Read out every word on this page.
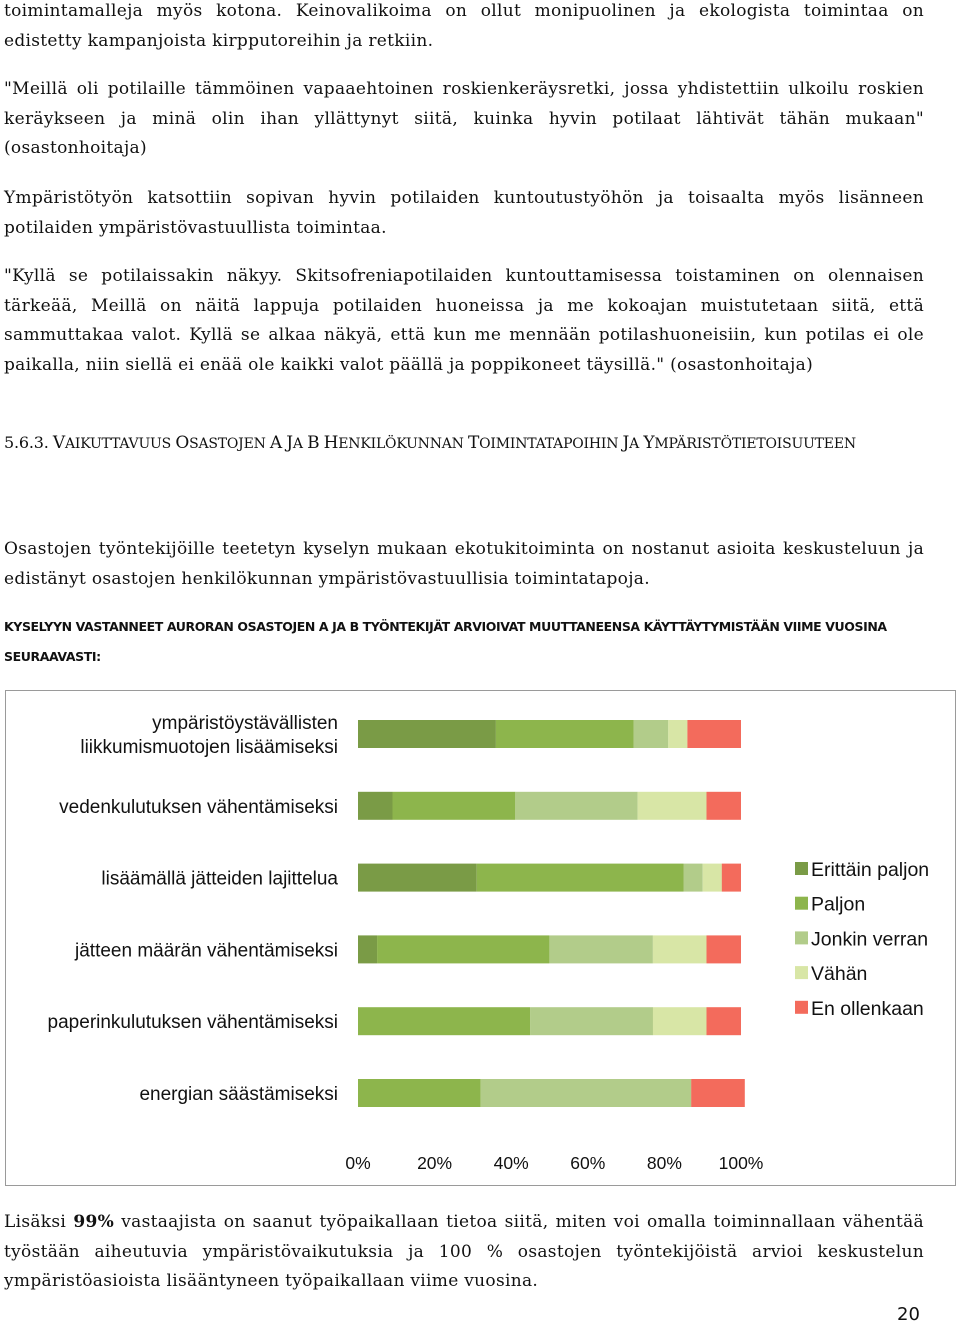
toimintamalleja myös kotona. Keinovalikoima on ollut monipuolinen ja ekologista toimintaa on edistetty kampanjoista kirpputoreihin ja retkiin.

"Meillä oli potilaille tämmöinen vapaaehtoinen roskienkeräysretki, jossa yhdistettiin ulkoilu roskien keräykseen ja minä olin ihan yllättynyt siitä, kuinka hyvin potilaat lähtivät tähän mukaan" (osastonhoitaja)

Ympäristötyön katsottiin sopivan hyvin potilaiden kuntoutustyöhön ja toisaalta myös lisänneen potilaiden ympäristövastuullista toimintaa.

"Kyllä se potilaissakin näkyy. Skitsofreniapotilaiden kuntouttamisessa toistaminen on olennaisen tärkeää, Meillä on näitä lappuja potilaiden huoneissa ja me kokoajan muistutetaan siitä, että sammuttakaa valot. Kyllä se alkaa näkyä, että kun me mennään potilashuoneisiin, kun potilas ei ole paikalla, niin siellä ei enää ole kaikki valot päällä ja poppikoneet täysillä." (osastonhoitaja)

5.6.3. VAIKUTTAVUUS OSASTOJEN A JA B HENKILÖKUNNAN TOIMINTATAPOIHIN JA YMPÄRISTÖTIETOISUUTEEN

Osastojen työntekijöille teetetyn kyselyn mukaan ekotukitoiminta on nostanut asioita keskusteluun ja edistänyt osastojen henkilökunnan ympäristövastuullisia toimintatapoja.

KYSELYYN VASTANNEET AURORAN OSASTOJEN A JA B TYÖNTEKIJÄT ARVIOIVAT MUUTTANEENSA KÄYTTÄYTYMISTÄÄN VIIME VUOSINA SEURAAVASTI:
ympäristöystävällisten
liikkumismuotojen lisäämiseksi
vedenkulutuksen vähentämiseksi
lisäämällä jätteiden lajittelua
jätteen määrän vähentämiseksi
paperinkulutuksen vähentämiseksi
energian säästämiseksi
0%	20% 40% 60% 80% 100%
Erittäin paljon
Paljon
Jonkin verran
Vähän
En ollenkaan

Lisäksi 99% vastaajista on saanut työpaikallaan tietoa siitä, miten voi omalla toiminnallaan vähentää työstään aiheutuvia ympäristövaikutuksia ja 100 % osastojen työntekijöistä arvioi keskustelun ympäristöasioista lisääntyneen työpaikallaan viime vuosina.

20
